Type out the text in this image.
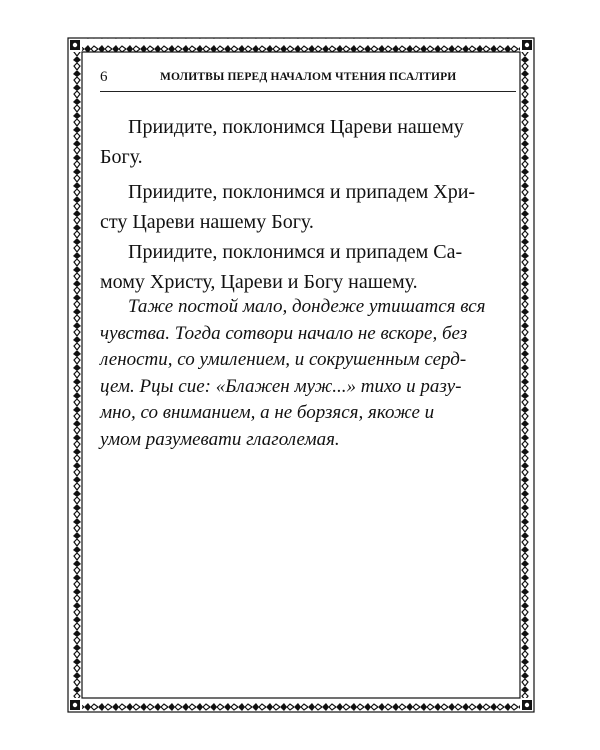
6	МОЛИТВЫ ПЕРЕД НАЧАЛОМ ЧТЕНИЯ ПСАЛТИРИ
Приидите, поклонимся Цареви нашему
Богу.
Приидите, поклонимся и припадем Хри-
сту Цареви нашему Богу.
Приидите, поклонимся и припадем Са-
мому Христу, Цареви и Богу нашему.
Таже постой мало, дондеже утишатся вся
чувства. Тогда сотвори начало не вскоре, без
лености, со умилением, и сокрушенным серд-
цем. Рцы сие: «Блажен муж...» тихо и разу-
мно, со вниманием, а не борзяся, якоже и
умом разумевати глаголемая.
